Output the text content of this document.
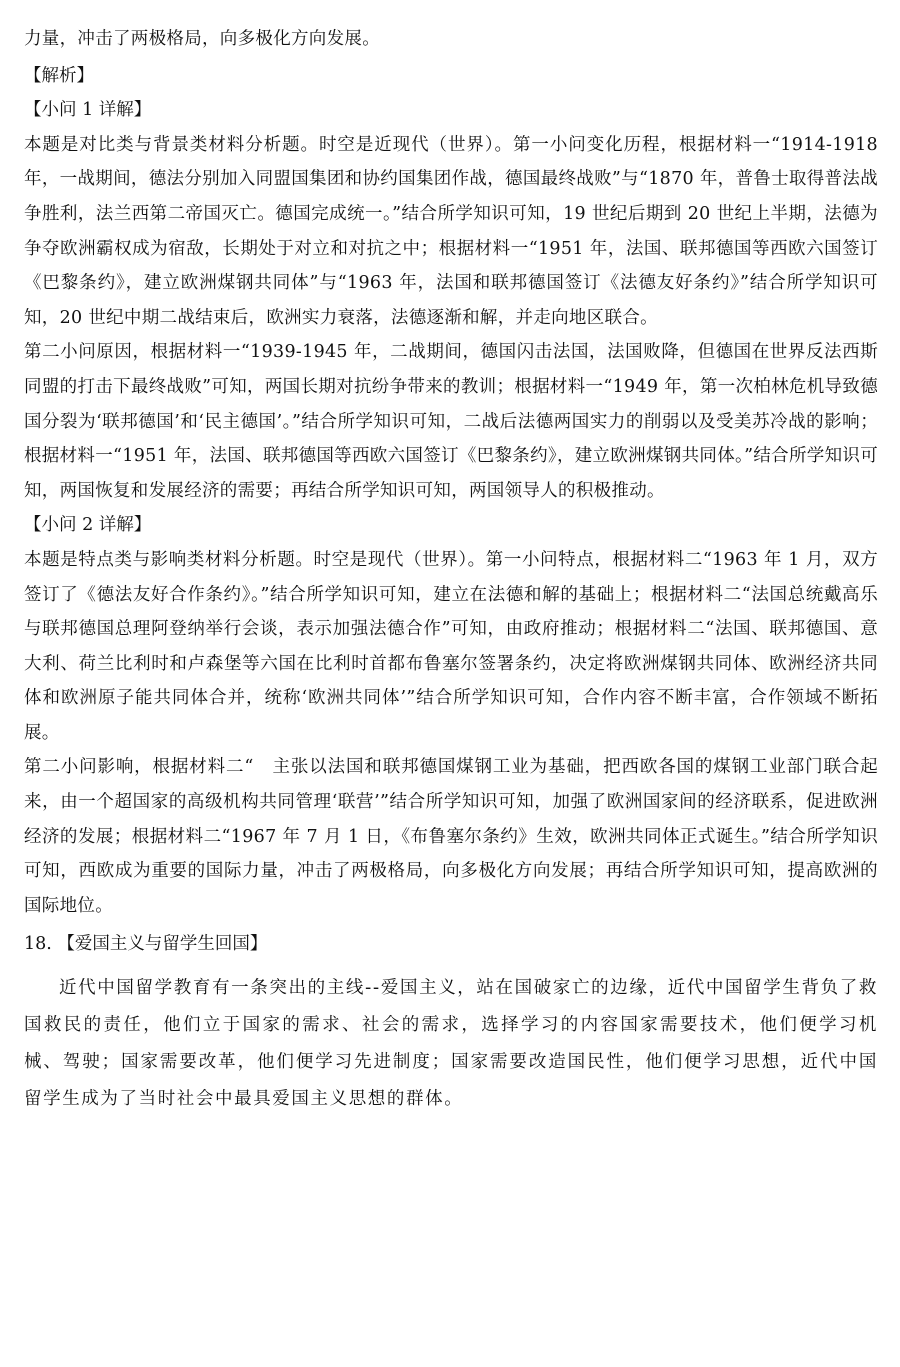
力量，冲击了两极格局，向多极化方向发展。

【解析】

【小问 1 详解】

本题是对比类与背景类材料分析题。时空是近现代（世界）。第一小问变化历程，根据材料一“1914-1918 年，一战期间，德法分别加入同盟国集团和协约国集团作战，德国最终战败”与“1870 年，普鲁士取得普法战争胜利，法兰西第二帝国灭亡。德国完成统一。”结合所学知识可知，19 世纪后期到 20 世纪上半期，法德为争夺欧洲霸权成为宿敌，长期处于对立和对抗之中；根据材料一“1951 年，法国、联邦德国等西欧六国签订《巴黎条约》，建立欧洲煤钢共同体”与“1963 年，法国和联邦德国签订《法德友好条约》”结合所学知识可知，20 世纪中期二战结束后，欧洲实力衰落，法德逐渐和解，并走向地区联合。

第二小问原因，根据材料一“1939-1945 年，二战期间，德国闪击法国，法国败降，但德国在世界反法西斯同盟的打击下最终战败”可知，两国长期对抗纷争带来的教训；根据材料一“1949 年，第一次柏林危机导致德国分裂为‘联邦德国’和‘民主德国’。”结合所学知识可知，二战后法德两国实力的削弱以及受美苏冷战的影响；根据材料一“1951 年，法国、联邦德国等西欧六国签订《巴黎条约》，建立欧洲煤钢共同体。”结合所学知识可知，两国恢复和发展经济的需要；再结合所学知识可知，两国领导人的积极推动。

【小问 2 详解】

本题是特点类与影响类材料分析题。时空是现代（世界）。第一小问特点，根据材料二“1963 年 1 月，双方签订了《德法友好合作条约》。”结合所学知识可知，建立在法德和解的基础上；根据材料二“法国总统戴高乐与联邦德国总理阿登纳举行会谈，表示加强法德合作”可知，由政府推动；根据材料二“法国、联邦德国、意大利、荷兰比利时和卢森堡等六国在比利时首都布鲁塞尔签署条约，决定将欧洲煤钢共同体、欧洲经济共同体和欧洲原子能共同体合并，统称‘欧洲共同体’”结合所学知识可知，合作内容不断丰富，合作领域不断拓展。

第二小问影响，根据材料二“　主张以法国和联邦德国煤钢工业为基础，把西欧各国的煤钢工业部门联合起来，由一个超国家的高级机构共同管理‘联营’”结合所学知识可知，加强了欧洲国家间的经济联系，促进欧洲经济的发展；根据材料二“1967 年 7 月 1 日，《布鲁塞尔条约》生效，欧洲共同体正式诞生。”结合所学知识可知，西欧成为重要的国际力量，冲击了两极格局，向多极化方向发展；再结合所学知识可知，提高欧洲的国际地位。

18. 【爱国主义与留学生回国】

近代中国留学教育有一条突出的主线--爱国主义，站在国破家亡的边缘，近代中国留学生背负了救国救民的责任，他们立于国家的需求、社会的需求，选择学习的内容国家需要技术，他们便学习机械、驾驶；国家需要改革，他们便学习先进制度；国家需要改造国民性，他们便学习思想，近代中国留学生成为了当时社会中最具爱国主义思想的群体。
